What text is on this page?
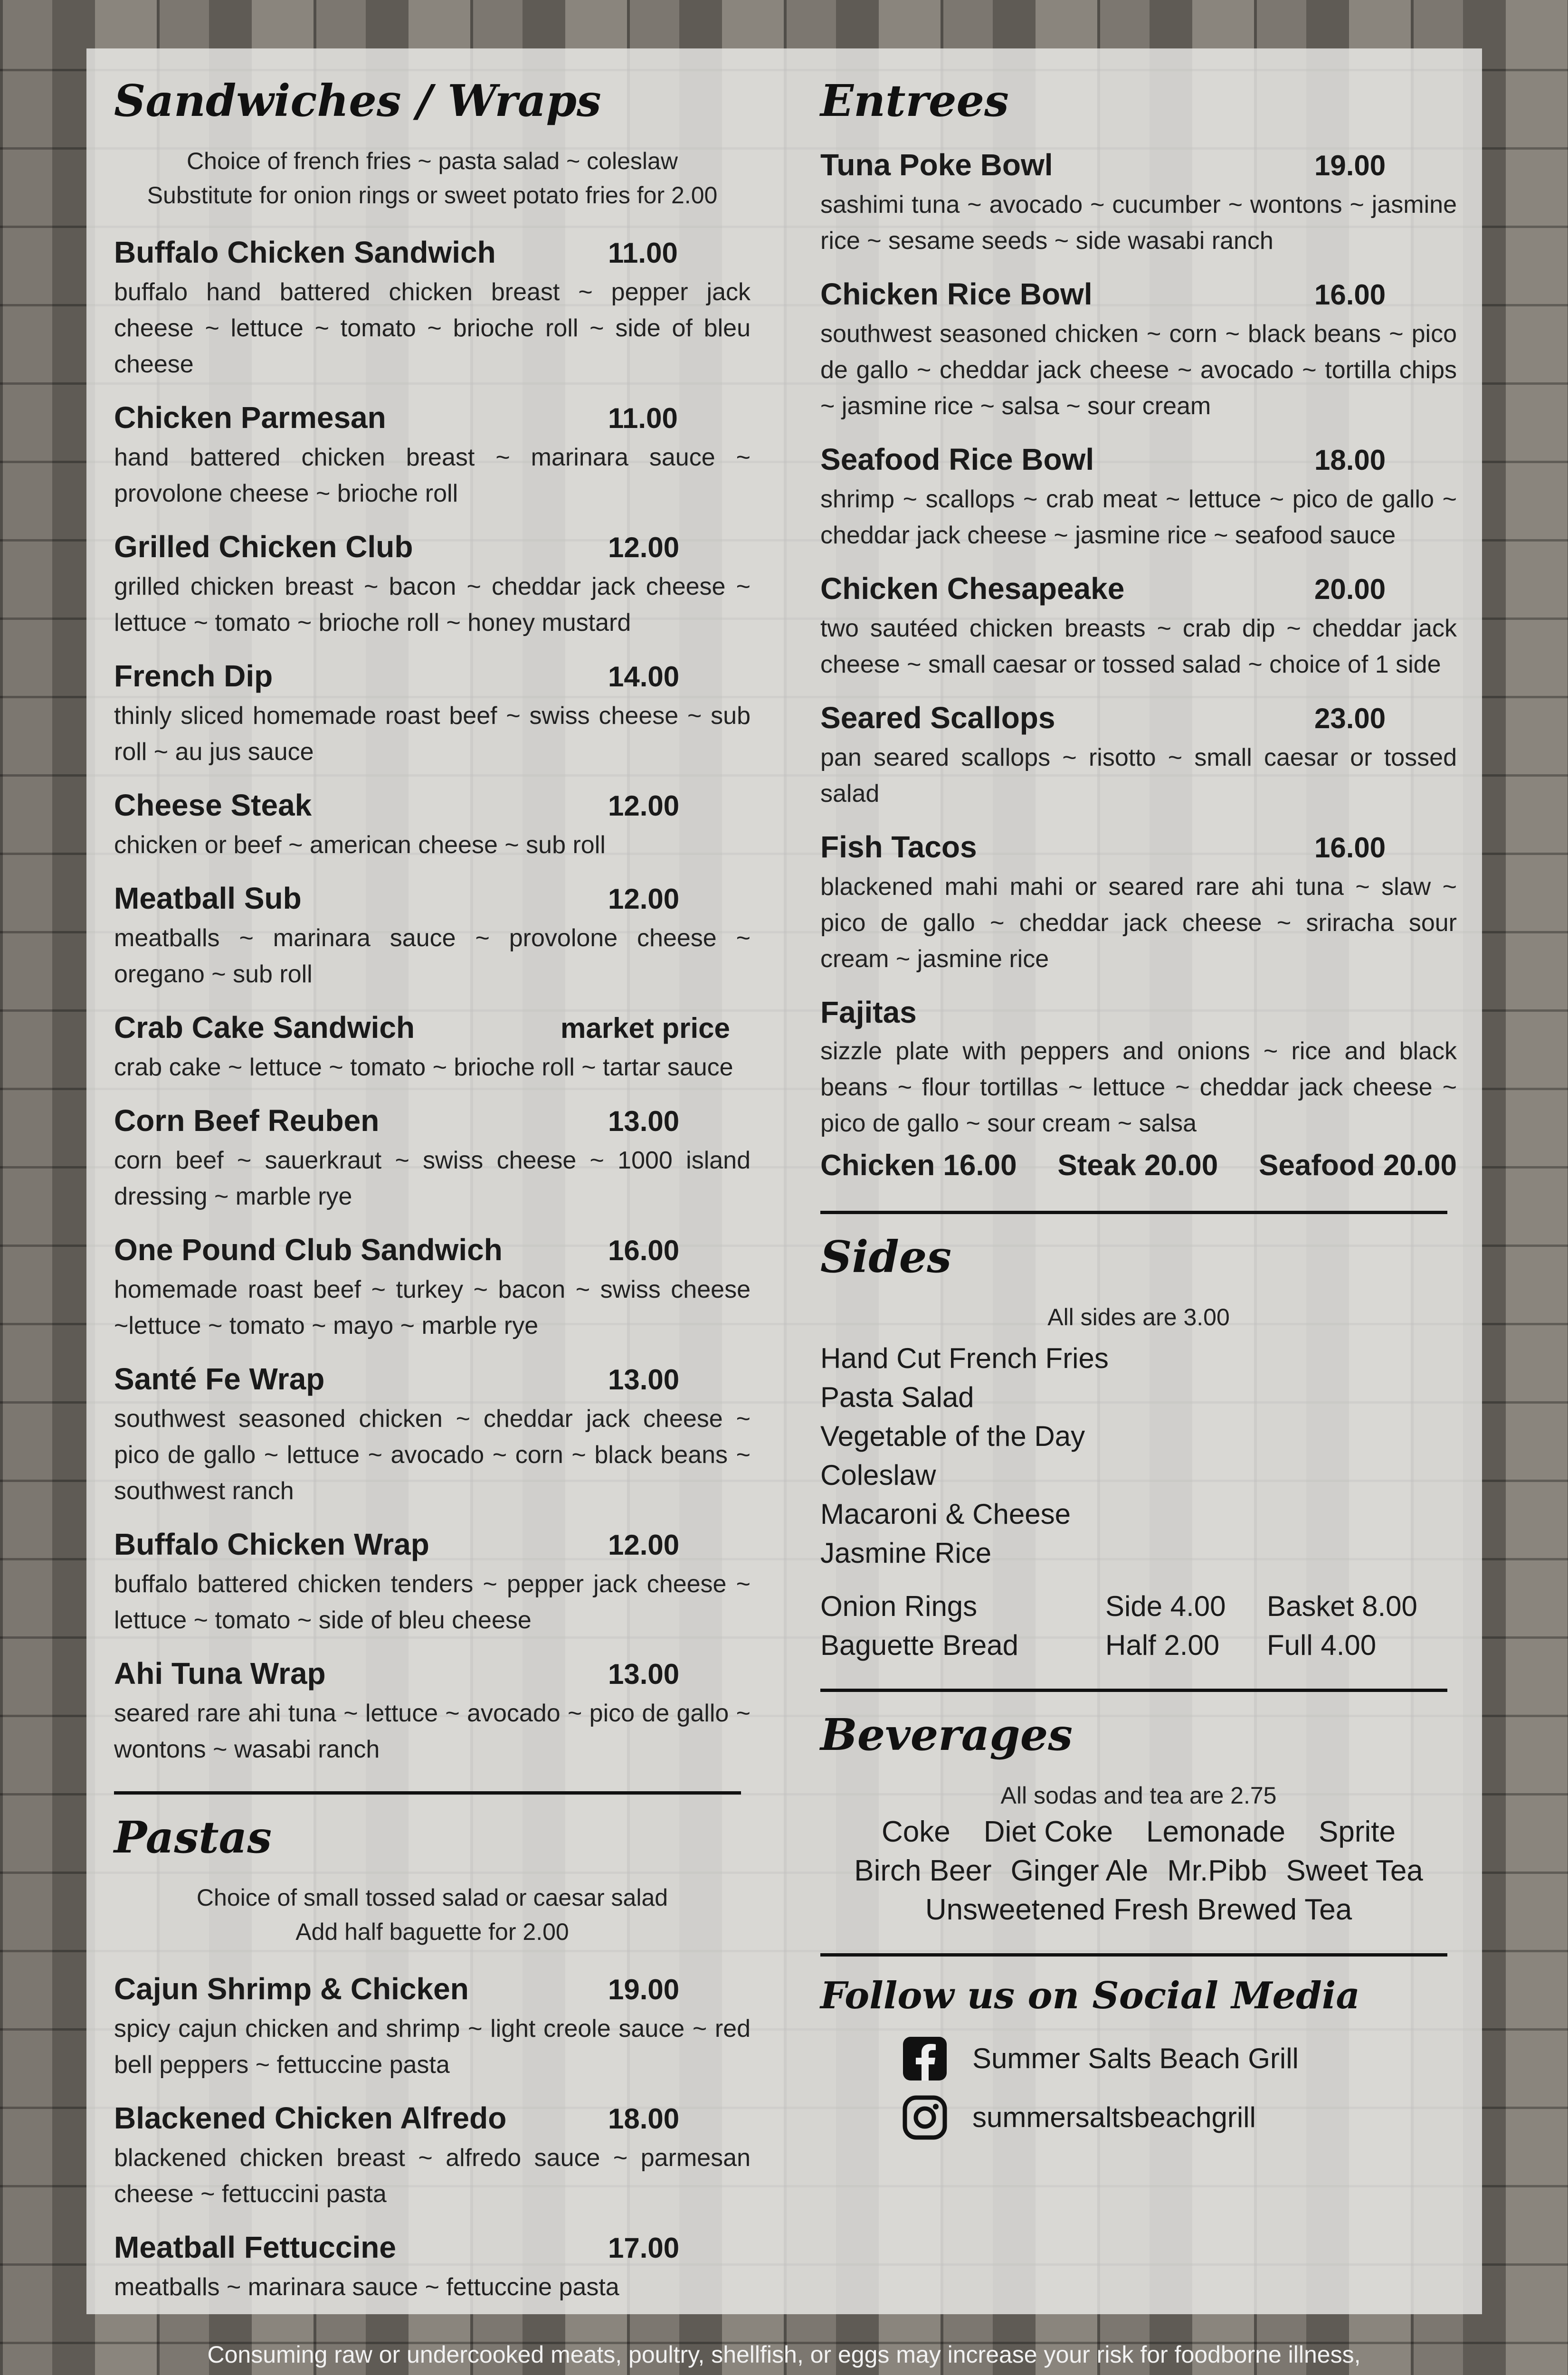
Sandwiches / Wraps
Choice of french fries ~ pasta salad ~ coleslaw
Substitute for onion rings or sweet potato fries for 2.00
Buffalo Chicken Sandwich	11.00
buffalo hand battered chicken breast ~ pepper jack cheese ~ lettuce ~ tomato ~ brioche roll ~ side of bleu cheese
Chicken Parmesan	11.00
hand battered chicken breast ~ marinara sauce ~ provolone cheese ~ brioche roll
Grilled Chicken Club	12.00
grilled chicken breast ~ bacon ~ cheddar jack cheese ~ lettuce ~ tomato ~ brioche roll ~ honey mustard
French Dip	14.00
thinly sliced homemade roast beef ~ swiss cheese ~ sub roll ~ au jus sauce
Cheese Steak	12.00
chicken or beef ~ american cheese ~ sub roll
Meatball Sub	12.00
meatballs ~ marinara sauce ~ provolone cheese ~ oregano ~ sub roll
Crab Cake Sandwich	market price
crab cake ~ lettuce ~ tomato ~ brioche roll ~ tartar sauce
Corn Beef Reuben	13.00
corn beef ~ sauerkraut ~ swiss cheese ~ 1000 island dressing ~ marble rye
One Pound Club Sandwich	16.00
homemade roast beef ~ turkey ~ bacon ~ swiss cheese ~lettuce ~ tomato ~ mayo ~ marble rye
Santé Fe Wrap	13.00
southwest seasoned chicken ~ cheddar jack cheese ~ pico de gallo ~ lettuce ~ avocado ~ corn ~ black beans ~ southwest ranch
Buffalo Chicken Wrap	12.00
buffalo battered chicken tenders ~ pepper jack cheese ~ lettuce ~ tomato ~ side of bleu cheese
Ahi Tuna Wrap	13.00
seared rare ahi tuna ~ lettuce ~ avocado ~ pico de gallo ~ wontons ~ wasabi ranch
Pastas
Choice of small tossed salad or caesar salad
Add half baguette for 2.00
Cajun Shrimp & Chicken	19.00
spicy cajun chicken and shrimp ~ light creole sauce ~ red bell peppers ~ fettuccine pasta
Blackened Chicken Alfredo	18.00
blackened chicken breast ~ alfredo sauce ~ parmesan cheese ~ fettuccini pasta
Meatball Fettuccine	17.00
meatballs ~ marinara sauce ~ fettuccine pasta
Entrees
Tuna Poke Bowl	19.00
sashimi tuna ~ avocado ~ cucumber ~ wontons ~ jasmine rice ~ sesame seeds ~ side wasabi ranch
Chicken Rice Bowl	16.00
southwest seasoned chicken ~ corn ~ black beans ~ pico de gallo ~ cheddar jack cheese ~ avocado ~ tortilla chips ~ jasmine rice ~ salsa ~ sour cream
Seafood Rice Bowl	18.00
shrimp ~ scallops ~ crab meat ~ lettuce ~ pico de gallo ~ cheddar jack cheese ~ jasmine rice ~ seafood sauce
Chicken Chesapeake	20.00
two sautéed chicken breasts ~ crab dip ~ cheddar jack cheese ~ small caesar or tossed salad ~ choice of 1 side
Seared Scallops	23.00
pan seared scallops ~ risotto ~ small caesar or tossed salad
Fish Tacos	16.00
blackened mahi mahi or seared rare ahi tuna ~ slaw ~ pico de gallo ~ cheddar jack cheese ~ sriracha sour cream ~ jasmine rice
Fajitas
sizzle plate with peppers and onions ~ rice and black beans ~ flour tortillas ~ lettuce ~ cheddar jack cheese ~ pico de gallo ~ sour cream ~ salsa
Chicken 16.00 Steak 20.00 Seafood 20.00
Sides
All sides are 3.00
Hand Cut French Fries
Pasta Salad
Vegetable of the Day
Coleslaw
Macaroni & Cheese
Jasmine Rice
Onion Rings	Side 4.00	Basket 8.00
Baguette Bread	Half 2.00	Full 4.00
Beverages
All sodas and tea are 2.75
Coke Diet Coke Lemonade Sprite
Birch Beer Ginger Ale Mr.Pibb Sweet Tea
Unsweetened Fresh Brewed Tea
Follow us on Social Media
Summer Salts Beach Grill
summersaltsbeachgrill
Consuming raw or undercooked meats, poultry, shellfish, or eggs may increase your risk for foodborne illness,
